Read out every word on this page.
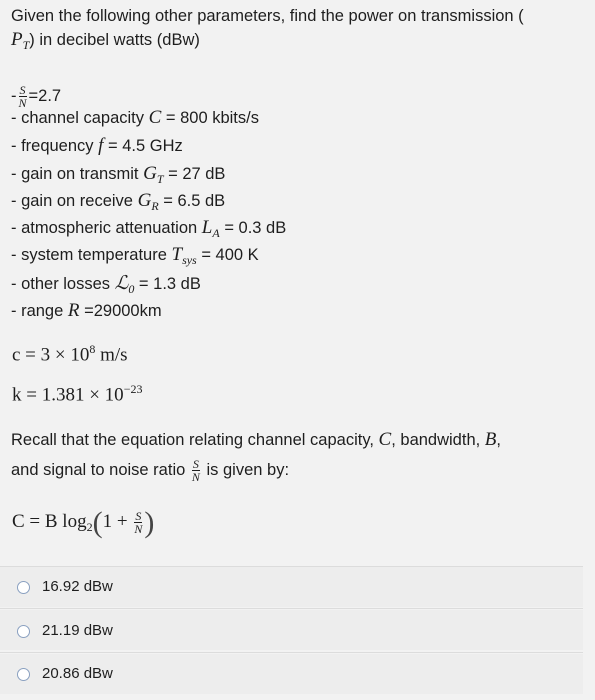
Given the following other parameters, find the power on transmission (
$P_T$) in decibel watts (dBw)
- $\frac{S}{N} =2.7$
- channel capacity C = 800 kbits/s
- frequency f = 4.5 GHz
- gain on transmit $G_T = 27$ dB
- gain on receive $G_R = 6.5$ dB
- atmospheric attenuation $L_A = 0.3$ dB
- system temperature $T_{sys} = 400$ K
- other losses ℒ$_0$ = 1.3 dB
- range R =29000km
$c = 3 \times 10^8$ m/s
$k = 1.381 \times 10^{-23}$
Recall that the equation relating channel capacity, C, bandwidth, B,
and signal to noise ratio $\frac{S}{N}$ is given by:
C = B $\log_2(1 + \frac{S}{N}$ )
16.92 dBw
21.19 dBw
20.86 dBw
